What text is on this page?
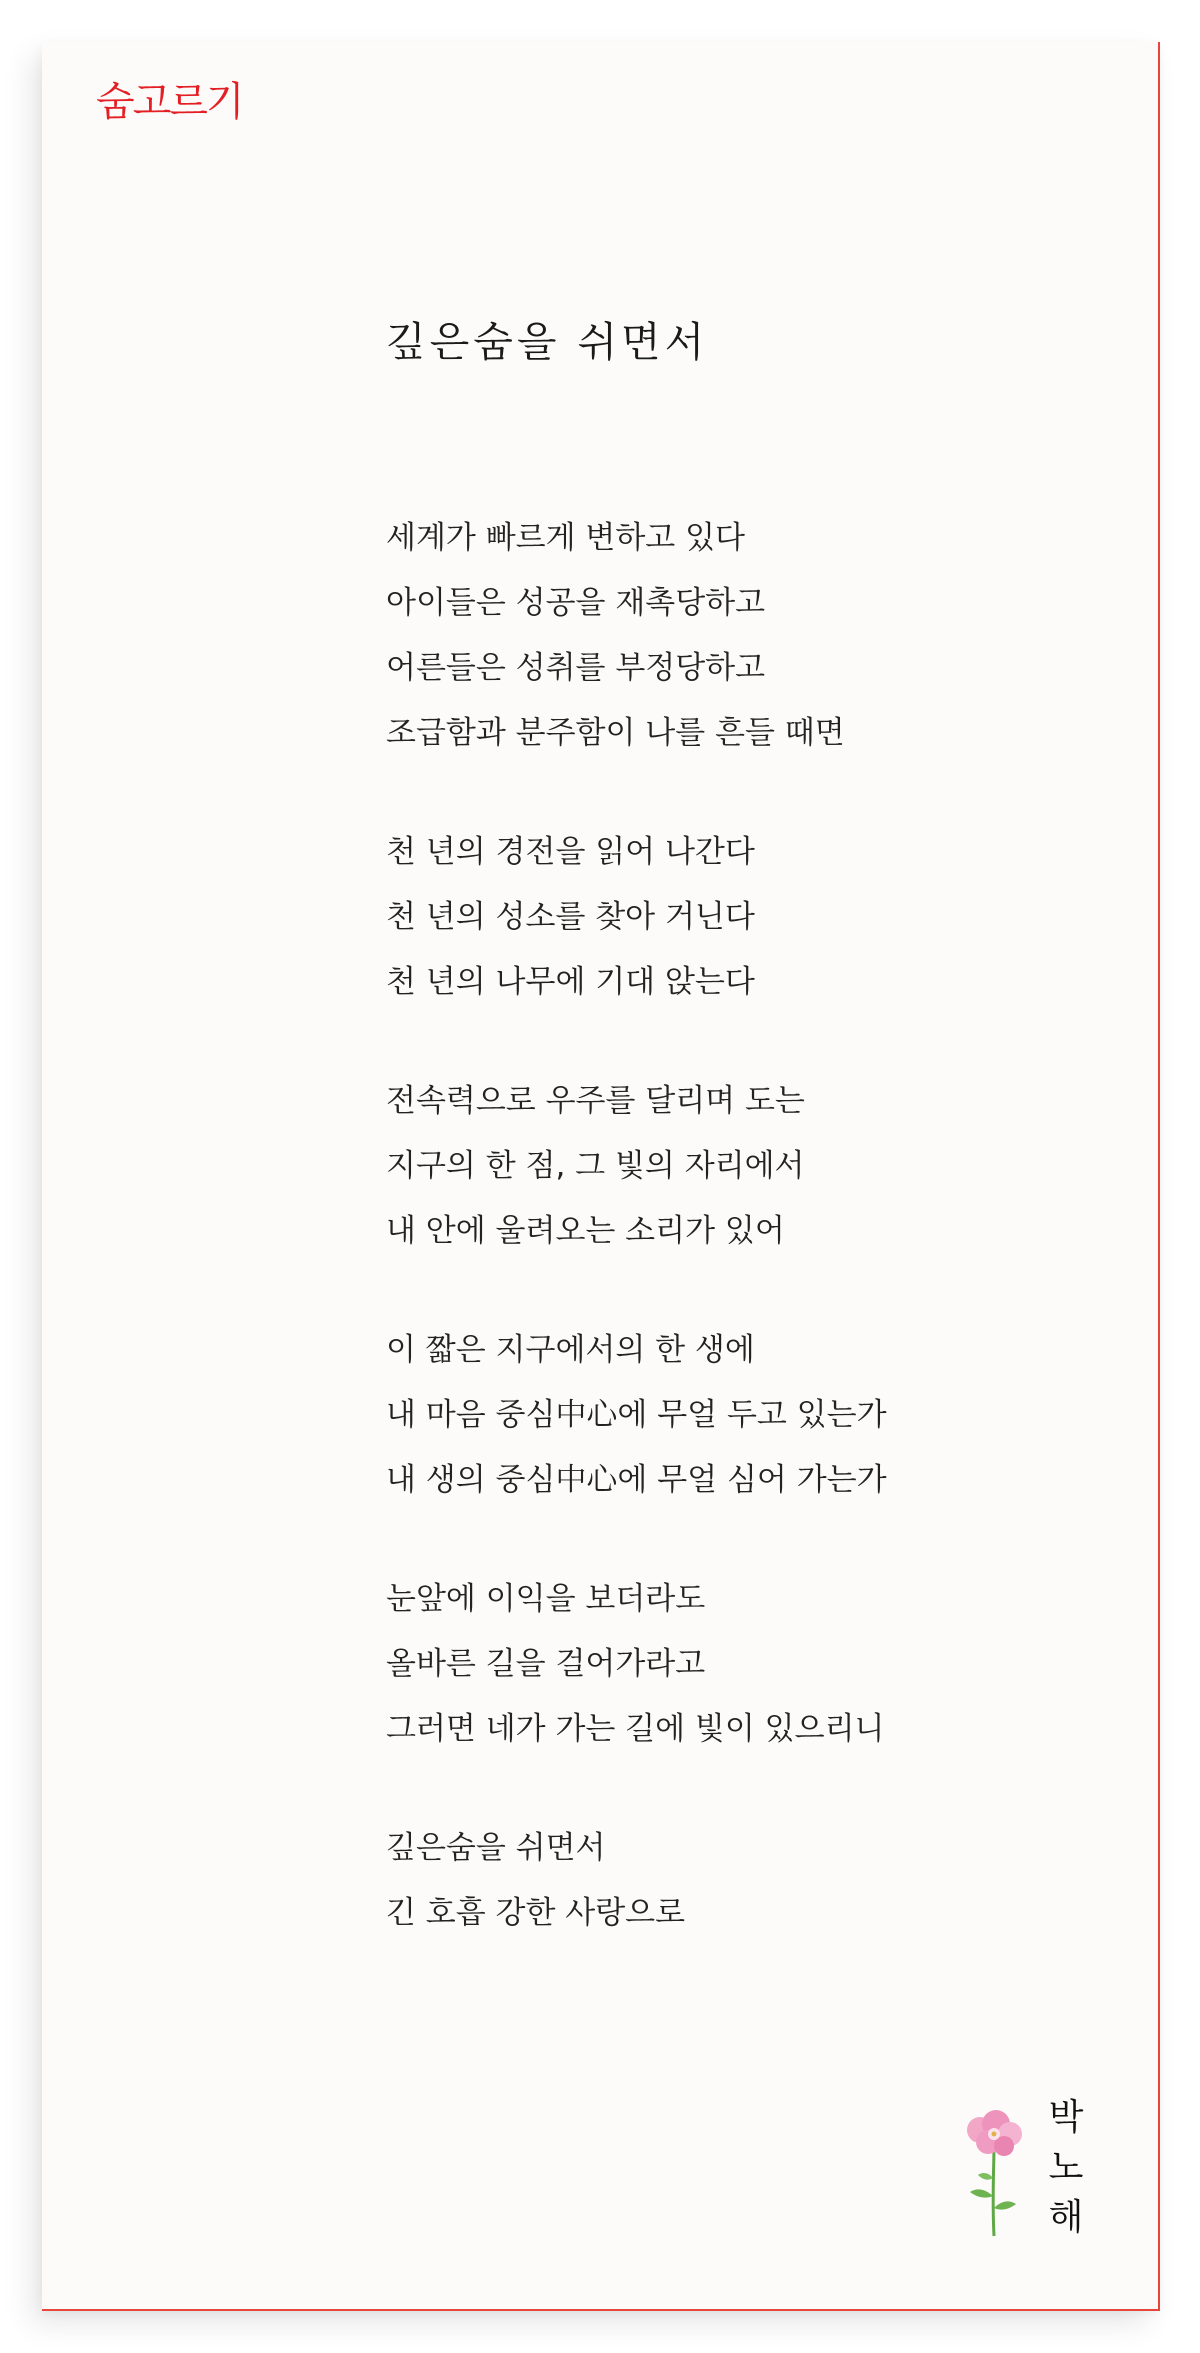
숨고르기
깊은숨을 쉬면서
세계가 빠르게 변하고 있다
아이들은 성공을 재촉당하고
어른들은 성취를 부정당하고
조급함과 분주함이 나를 흔들 때면
천 년의 경전을 읽어 나간다
천 년의 성소를 찾아 거닌다
천 년의 나무에 기대 앉는다
전속력으로 우주를 달리며 도는
지구의 한 점, 그 빛의 자리에서
내 안에 울려오는 소리가 있어
이 짧은 지구에서의 한 생에
내 마음 중심中心에 무얼 두고 있는가
내 생의 중심中心에 무얼 심어 가는가
눈앞에 이익을 보더라도
올바른 길을 걸어가라고
그러면 네가 가는 길에 빛이 있으리니
깊은숨을 쉬면서
긴 호흡 강한 사랑으로
박
노
해
